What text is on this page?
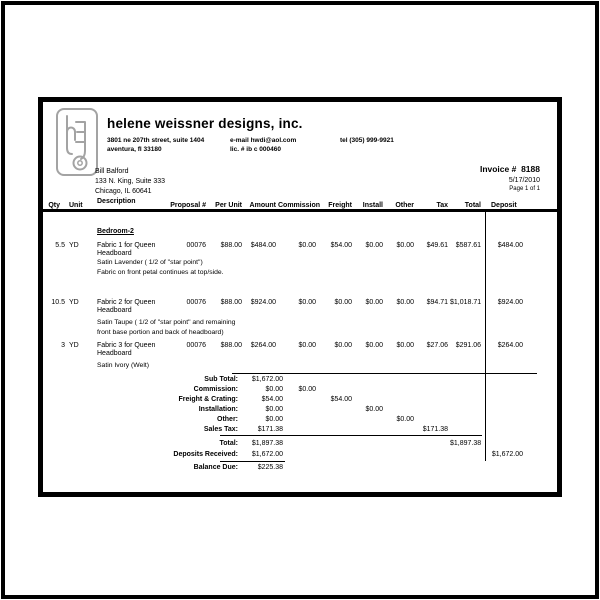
helene weissner designs, inc.
3801 ne 207th street, suite 1404
aventura, fl 33180
e-mail hwdi@aol.com
lic. # ib c 000460
tel (305) 999-9921
Bill Balford
133 N. King, Suite 333
Chicago, IL 60641
Invoice # 8188
5/17/2010
Page 1 of 1
Qty Unit
Description
Proposal #	Per Unit	Amount Commission	Freight	Install	Other	Tax	Total Deposit
Bedroom-2
5.5 YD	Fabric 1 for Queen Headboard
00076	$88.00	$484.00	$0.00	$54.00	$0.00	$0.00	$49.61	$587.61	$484.00
Satin Lavender ( 1/2 of "star point")
Fabric on front petal continues at top/side.
10.5 YD	Fabric 2 for Queen Headboard
00076	$88.00	$924.00	$0.00	$0.00	$0.00	$0.00	$94.71 $1,018.71	$924.00
Satin Taupe ( 1/2 of "star point" and remaining
front base portion and back of headboard)
3 YD	Fabric 3 for Queen Headboard
00076	$88.00	$264.00	$0.00	$0.00	$0.00	$0.00	$27.06	$291.06	$264.00
Satin Ivory (Welt)
Sub Total:	$1,672.00
Commission:	$0.00	$0.00
Freight & Crating:	$54.00	$54.00
Installation:	$0.00	$0.00
Other:	$0.00	$0.00
Sales Tax:	$171.38	$171.38
Total:	$1,897.38	$1,897.38
Deposits Received:	$1,672.00	$1,672.00
Balance Due:	$225.38
